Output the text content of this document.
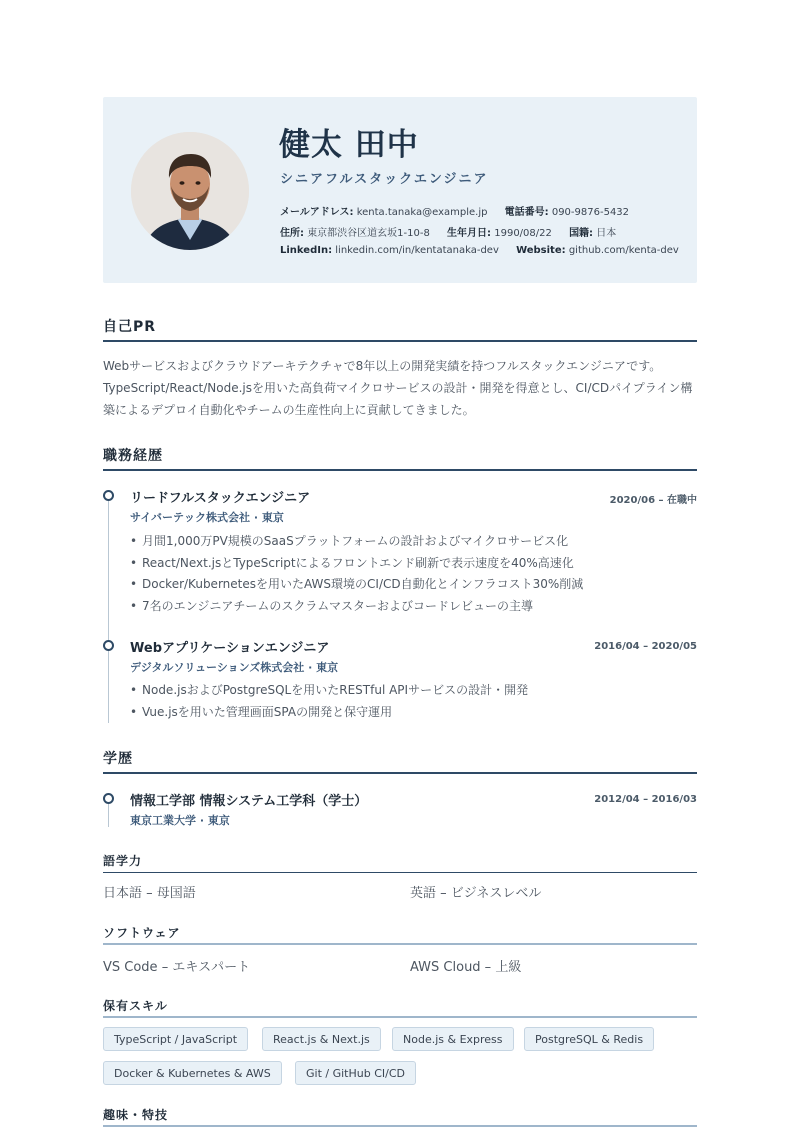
健太 田中
シニアフルスタックエンジニア
メールアドレス: kenta.tanaka@example.jp 電話番号: 090-9876-5432
住所: 東京都渋谷区道玄坂1-10-8 生年月日: 1990/08/22 国籍: 日本
LinkedIn: linkedin.com/in/kentatanaka-dev Website: github.com/kenta-dev
自己PR
Webサービスおよびクラウドアーキテクチャで8年以上の開発実績を持つフルスタックエンジニアです。TypeScript/React/Node.jsを用いた高負荷マイクロサービスの設計・開発を得意とし、CI/CDパイプライン構築によるデプロイ自動化やチームの生産性向上に貢献してきました。
職務経歴
リードフルスタックエンジニア	2020/06 – 在職中
サイバーテック株式会社 · 東京
• 月間1,000万PV規模のSaaSプラットフォームの設計およびマイクロサービス化
• React/Next.jsとTypeScriptによるフロントエンド刷新で表示速度を40%高速化
• Docker/Kubernetesを用いたAWS環境のCI/CD自動化とインフラコスト30%削減
• 7名のエンジニアチームのスクラムマスターおよびコードレビューの主導
Webアプリケーションエンジニア	2016/04 – 2020/05
デジタルソリューションズ株式会社 · 東京
• Node.jsおよびPostgreSQLを用いたRESTful APIサービスの設計・開発
• Vue.jsを用いた管理画面SPAの開発と保守運用
学歴
情報工学部 情報システム工学科（学士）	2012/04 – 2016/03
東京工業大学 · 東京
語学力
日本語 – 母国語	英語 – ビジネスレベル
ソフトウェア
VS Code – エキスパート	AWS Cloud – 上級
保有スキル
TypeScript / JavaScript	React.js & Next.js	Node.js & Express	PostgreSQL & Redis
Docker & Kubernetes & AWS	Git / GitHub CI/CD
趣味・特技
